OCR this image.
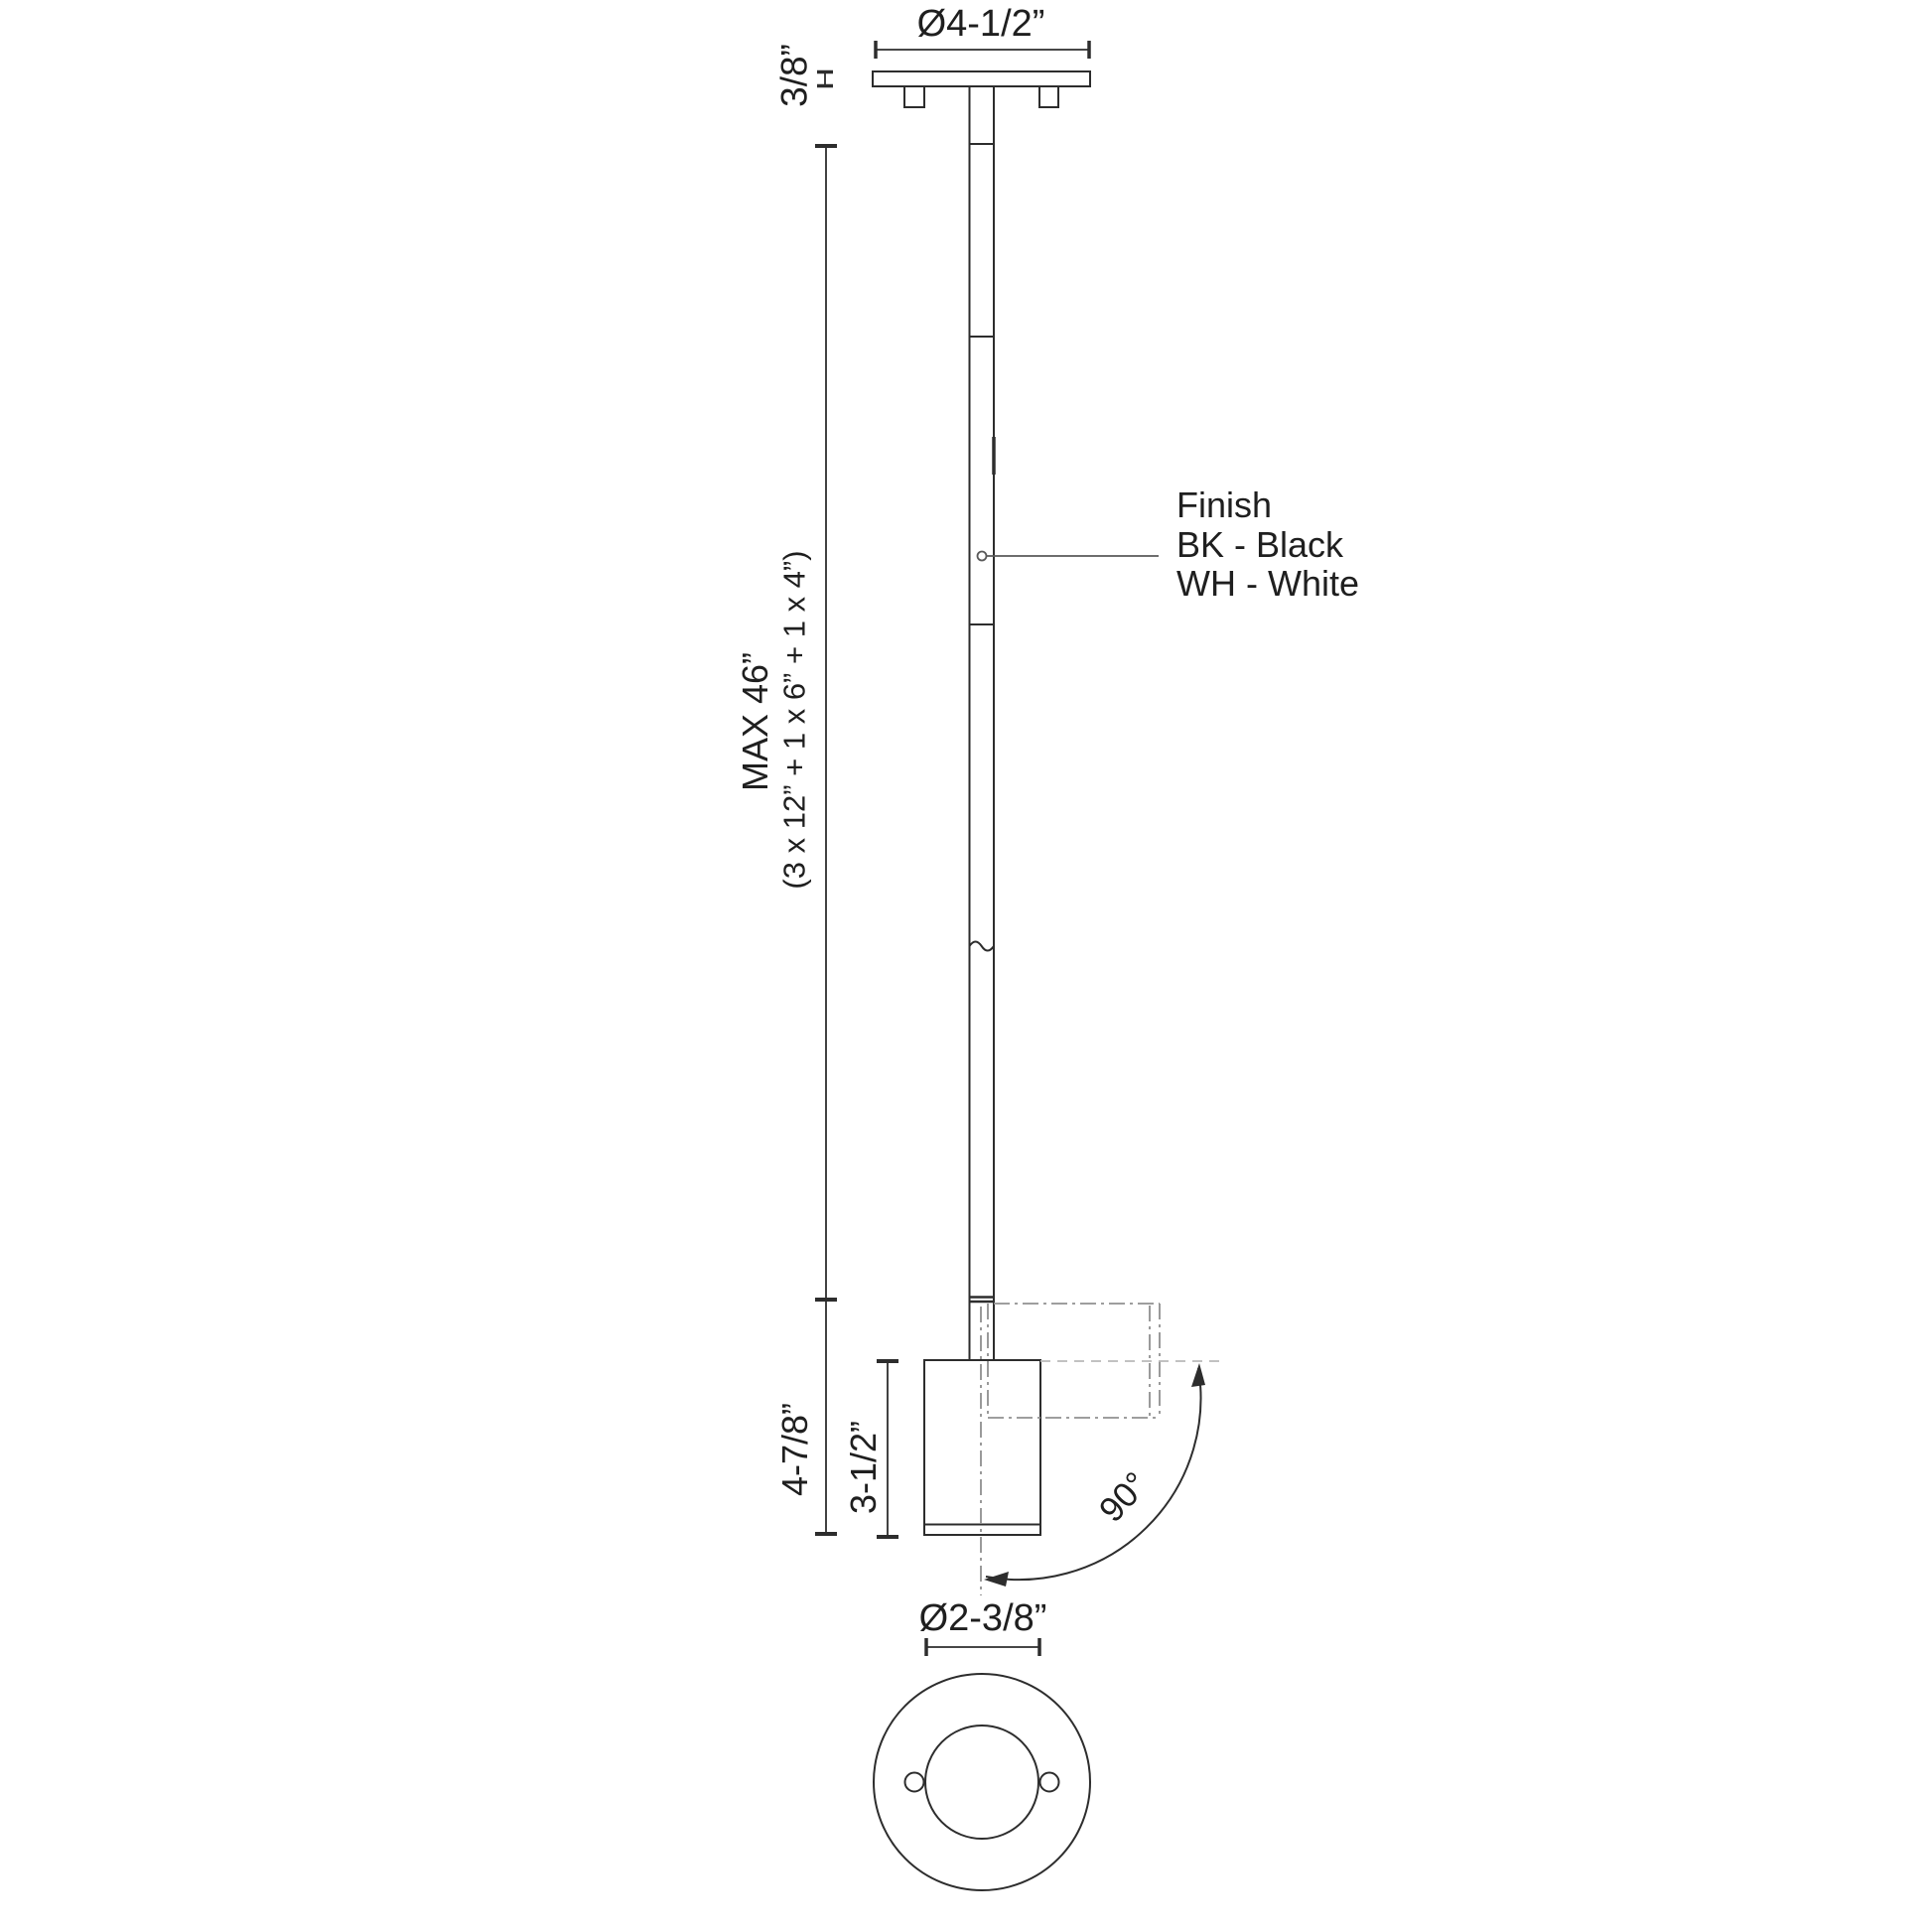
Ø4-1/2”
3/8”
MAX 46” (3 x 12” + 1 x 6” + 1 x 4”)
Finish
BK - Black
WH - White
4-7/8” 3-1/2”	90°
Ø2-3/8”
